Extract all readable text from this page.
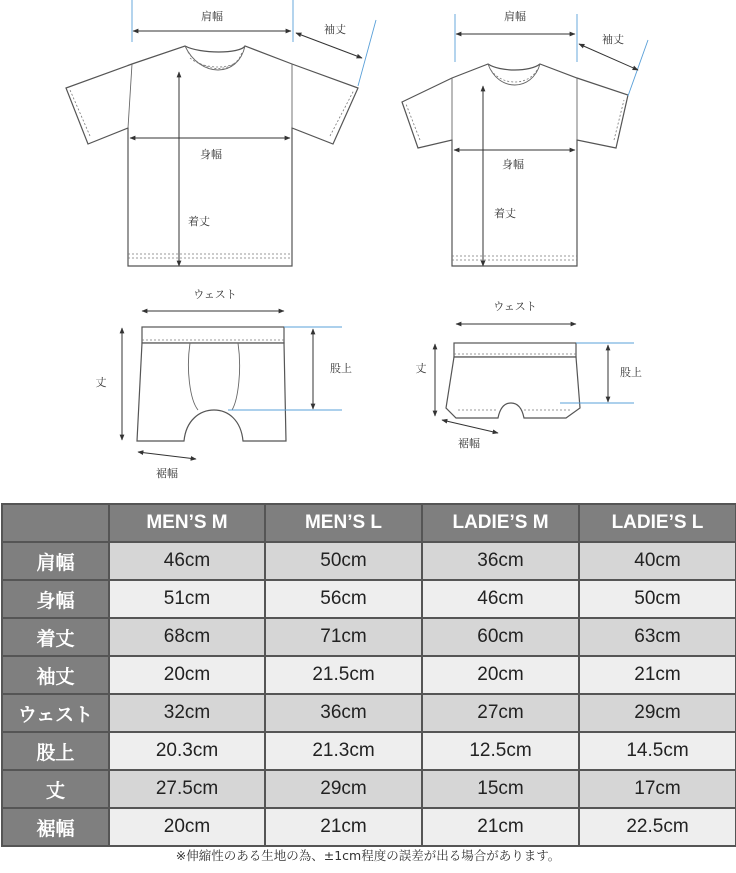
肩幅
袖丈
身幅
着丈
肩幅
袖丈
身幅
着丈
ウェスト
丈
股上
裾幅
ウェスト
丈	股上
裾幅
	MEN’S M	MEN’S L	LADIE’S M	LADIE’S L
肩幅	46cm	50cm	36cm	40cm
身幅	51cm	56cm	46cm	50cm
着丈	68cm	71cm	60cm	63cm
袖丈	20cm	21.5cm	20cm	21cm
ウェスト	32cm	36cm	27cm	29cm
股上	20.3cm	21.3cm	12.5cm	14.5cm
丈	27.5cm	29cm	15cm	17cm
裾幅	20cm	21cm	21cm	22.5cm
※伸縮性のある生地の為、±1cm程度の誤差が出る場合があります。
